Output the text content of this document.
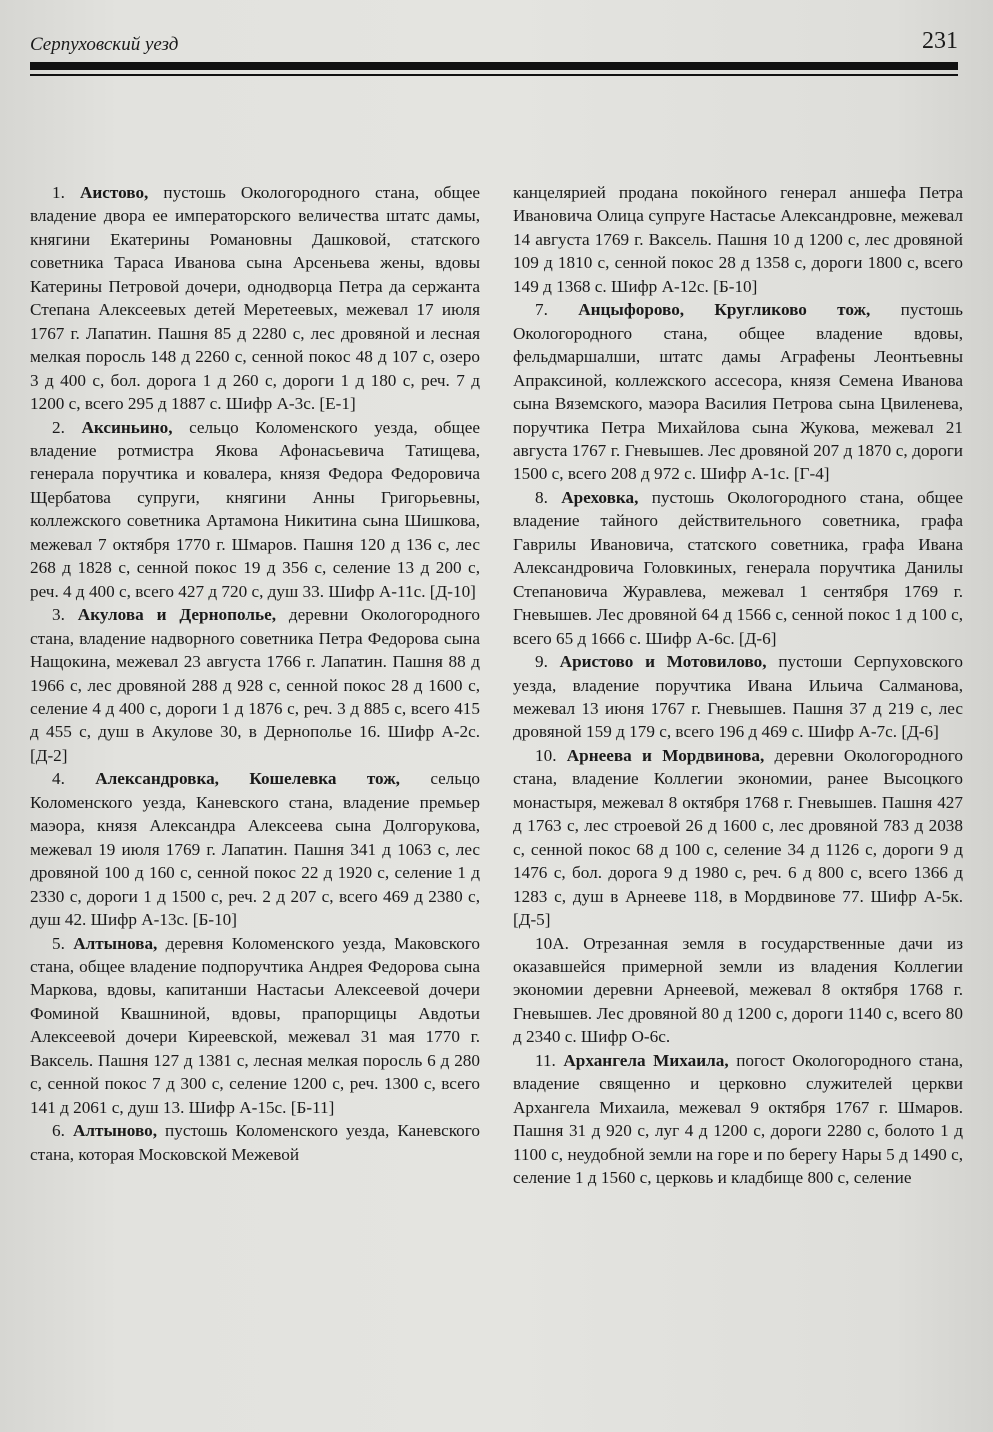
Серпуховский уезд	231

1. Аистово, пустошь Окологородного стана, общее владение двора ее императорского величества штатс дамы, княгини Екатерины Романовны Дашковой, статского советника Тараса Иванова сына Арсеньева жены, вдовы Катерины Петровой дочери, однодворца Петра да сержанта Степана Алексеевых детей Меретеевых, межевал 17 июля 1767 г. Лапатин. Пашня 85 д 2280 с, лес дровяной и лесная мелкая поросль 148 д 2260 с, сенной покос 48 д 107 с, озеро 3 д 400 с, бол. дорога 1 д 260 с, дороги 1 д 180 с, реч. 7 д 1200 с, всего 295 д 1887 с. Шифр А-3с. [Е-1]

2. Аксиньино, сельцо Коломенского уезда, общее владение ротмистра Якова Афонасьевича Татищева, генерала поручтика и ковалера, князя Федора Федоровича Щербатова супруги, княгини Анны Григорьевны, коллежского советника Артамона Никитина сына Шишкова, межевал 7 октября 1770 г. Шмаров. Пашня 120 д 136 с, лес 268 д 1828 с, сенной покос 19 д 356 с, селение 13 д 200 с, реч. 4 д 400 с, всего 427 д 720 с, душ 33. Шифр А-11с. [Д-10]

3. Акулова и Дернополье, деревни Окологородного стана, владение надворного советника Петра Федорова сына Нащокина, межевал 23 августа 1766 г. Лапатин. Пашня 88 д 1966 с, лес дровяной 288 д 928 с, сенной покос 28 д 1600 с, селение 4 д 400 с, дороги 1 д 1876 с, реч. 3 д 885 с, всего 415 д 455 с, душ в Акулове 30, в Дернополье 16. Шифр А-2с. [Д-2]

4. Александровка, Кошелевка тож, сельцо Коломенского уезда, Каневского стана, владение премьер маэора, князя Александра Алексеева сына Долгорукова, межевал 19 июля 1769 г. Лапатин. Пашня 341 д 1063 с, лес дровяной 100 д 160 с, сенной покос 22 д 1920 с, селение 1 д 2330 с, дороги 1 д 1500 с, реч. 2 д 207 с, всего 469 д 2380 с, душ 42. Шифр А-13с. [Б-10]

5. Алтынова, деревня Коломенского уезда, Маковского стана, общее владение подпоручтика Андрея Федорова сына Маркова, вдовы, капитанши Настасьи Алексеевой дочери Фоминой Квашниной, вдовы, прапорщицы Авдотьи Алексеевой дочери Киреевской, межевал 31 мая 1770 г. Ваксель. Пашня 127 д 1381 с, лесная мелкая поросль 6 д 280 с, сенной покос 7 д 300 с, селение 1200 с, реч. 1300 с, всего 141 д 2061 с, душ 13. Шифр А-15с. [Б-11]

6. Алтыново, пустошь Коломенского уезда, Каневского стана, которая Московской Межевой

канцелярией продана покойного генерал аншефа Петра Ивановича Олица супруге Настасье Александровне, межевал 14 августа 1769 г. Ваксель. Пашня 10 д 1200 с, лес дровяной 109 д 1810 с, сенной покос 28 д 1358 с, дороги 1800 с, всего 149 д 1368 с. Шифр А-12с. [Б-10]

7. Анцыфорово, Кругликово тож, пустошь Окологородного стана, общее владение вдовы, фельдмаршалши, штатс дамы Аграфены Леонтьевны Апраксиной, коллежского ассесора, князя Семена Иванова сына Вяземского, маэора Василия Петрова сына Цвиленева, поручтика Петра Михайлова сына Жукова, межевал 21 августа 1767 г. Гневышев. Лес дровяной 207 д 1870 с, дороги 1500 с, всего 208 д 972 с. Шифр А-1с. [Г-4]

8. Ареховка, пустошь Окологородного стана, общее владение тайного действительного советника, графа Гаврилы Ивановича, статского советника, графа Ивана Александровича Головкиных, генерала поручтика Данилы Степановича Журавлева, межевал 1 сентября 1769 г. Гневышев. Лес дровяной 64 д 1566 с, сенной покос 1 д 100 с, всего 65 д 1666 с. Шифр А-6с. [Д-6]

9. Аристово и Мотовилово, пустоши Серпуховского уезда, владение поручтика Ивана Ильича Салманова, межевал 13 июня 1767 г. Гневышев. Пашня 37 д 219 с, лес дровяной 159 д 179 с, всего 196 д 469 с. Шифр А-7с. [Д-6]

10. Арнеева и Мордвинова, деревни Окологородного стана, владение Коллегии экономии, ранее Высоцкого монастыря, межевал 8 октября 1768 г. Гневышев. Пашня 427 д 1763 с, лес строевой 26 д 1600 с, лес дровяной 783 д 2038 с, сенной покос 68 д 100 с, селение 34 д 1126 с, дороги 9 д 1476 с, бол. дорога 9 д 1980 с, реч. 6 д 800 с, всего 1366 д 1283 с, душ в Арнееве 118, в Мордвинове 77. Шифр А-5к. [Д-5]

10А. Отрезанная земля в государственные дачи из оказавшейся примерной земли из владения Коллегии экономии деревни Арнеевой, межевал 8 октября 1768 г. Гневышев. Лес дровяной 80 д 1200 с, дороги 1140 с, всего 80 д 2340 с. Шифр О-6с.

11. Архангела Михаила, погост Окологородного стана, владение священно и церковно служителей церкви Архангела Михаила, межевал 9 октября 1767 г. Шмаров. Пашня 31 д 920 с, луг 4 д 1200 с, дороги 2280 с, болото 1 д 1100 с, неудобной земли на горе и по берегу Нары 5 д 1490 с, селение 1 д 1560 с, церковь и кладбище 800 с, селение
